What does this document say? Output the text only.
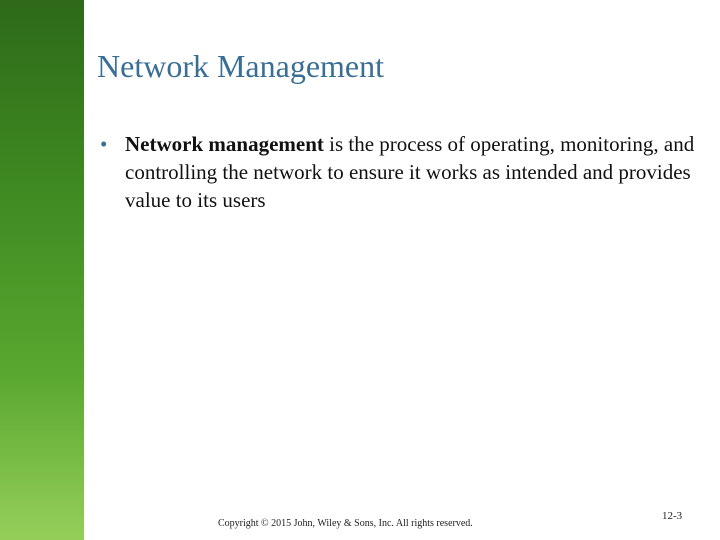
Network Management
• Network management is the process of operating, monitoring, and controlling the network to ensure it works as intended and provides value to its users
Copyright © 2015 John, Wiley & Sons, Inc. All rights reserved.
12-3
